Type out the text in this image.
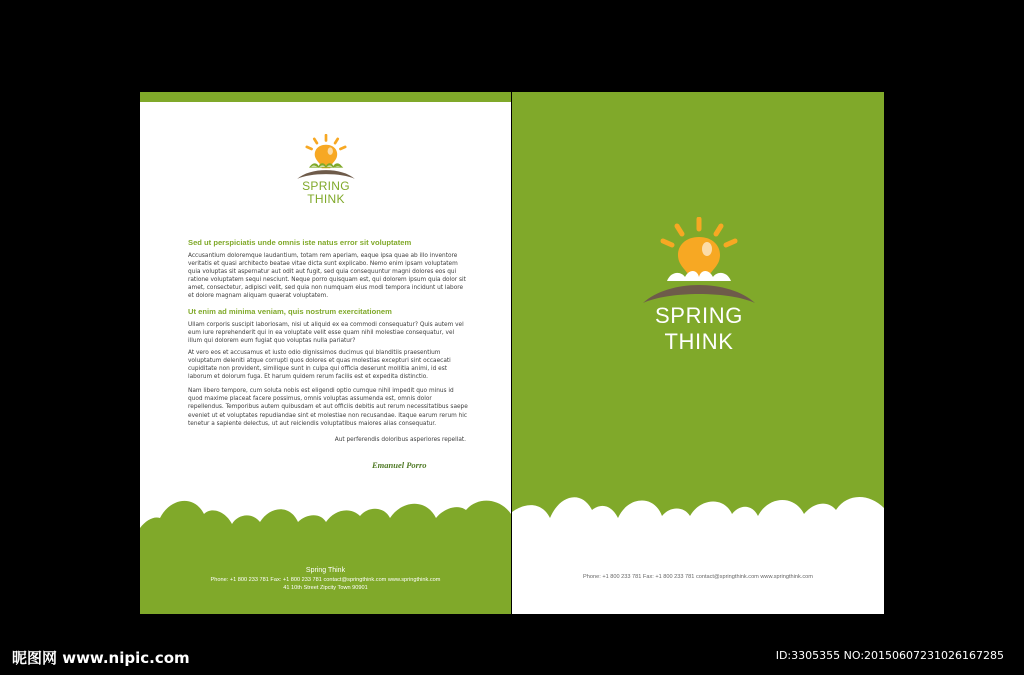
SPRING
THINK
Sed ut perspiciatis unde omnis iste natus error sit voluptatem

Accusantium doloremque laudantium, totam rem aperiam, eaque ipsa quae ab illo inventore veritatis et quasi architecto beatae vitae dicta sunt explicabo. Nemo enim ipsam voluptatem quia voluptas sit aspernatur aut odit aut fugit, sed quia consequuntur magni dolores eos qui ratione voluptatem sequi nesciunt. Neque porro quisquam est, qui dolorem ipsum quia dolor sit amet, consectetur, adipisci velit, sed quia non numquam eius modi tempora incidunt ut labore et dolore magnam aliquam quaerat voluptatem.

Ut enim ad minima veniam, quis nostrum exercitationem

Ullam corporis suscipit laboriosam, nisi ut aliquid ex ea commodi consequatur? Quis autem vel eum iure reprehenderit qui in ea voluptate velit esse quam nihil molestiae consequatur, vel illum qui dolorem eum fugiat quo voluptas nulla pariatur?

At vero eos et accusamus et iusto odio dignissimos ducimus qui blanditiis praesentium voluptatum deleniti atque corrupti quos dolores et quas molestias excepturi sint occaecati cupiditate non provident, similique sunt in culpa qui officia deserunt mollitia animi, id est laborum et dolorum fuga. Et harum quidem rerum facilis est et expedita distinctio.

Nam libero tempore, cum soluta nobis est eligendi optio cumque nihil impedit quo minus id quod maxime placeat facere possimus, omnis voluptas assumenda est, omnis dolor repellendus. Temporibus autem quibusdam et aut officiis debitis aut rerum necessitatibus saepe eveniet ut et voluptates repudiandae sint et molestiae non recusandae. Itaque earum rerum hic tenetur a sapiente delectus, ut aut reiciendis voluptatibus maiores alias consequatur.

Aut perferendis doloribus asperiores repellat.
Emanuel Porro
Spring Think
Phone: +1 800 233 781 Fax: +1 800 233 781 contact@springthink.com www.springthink.com
41 10th Street Zipcity Town 90901
SPRING
THINK
Phone: +1 800 233 781 Fax: +1 800 233 781 contact@springthink.com www.springthink.com
昵图网 www.nipic.com	ID:3305355 NO:20150607231026167285
